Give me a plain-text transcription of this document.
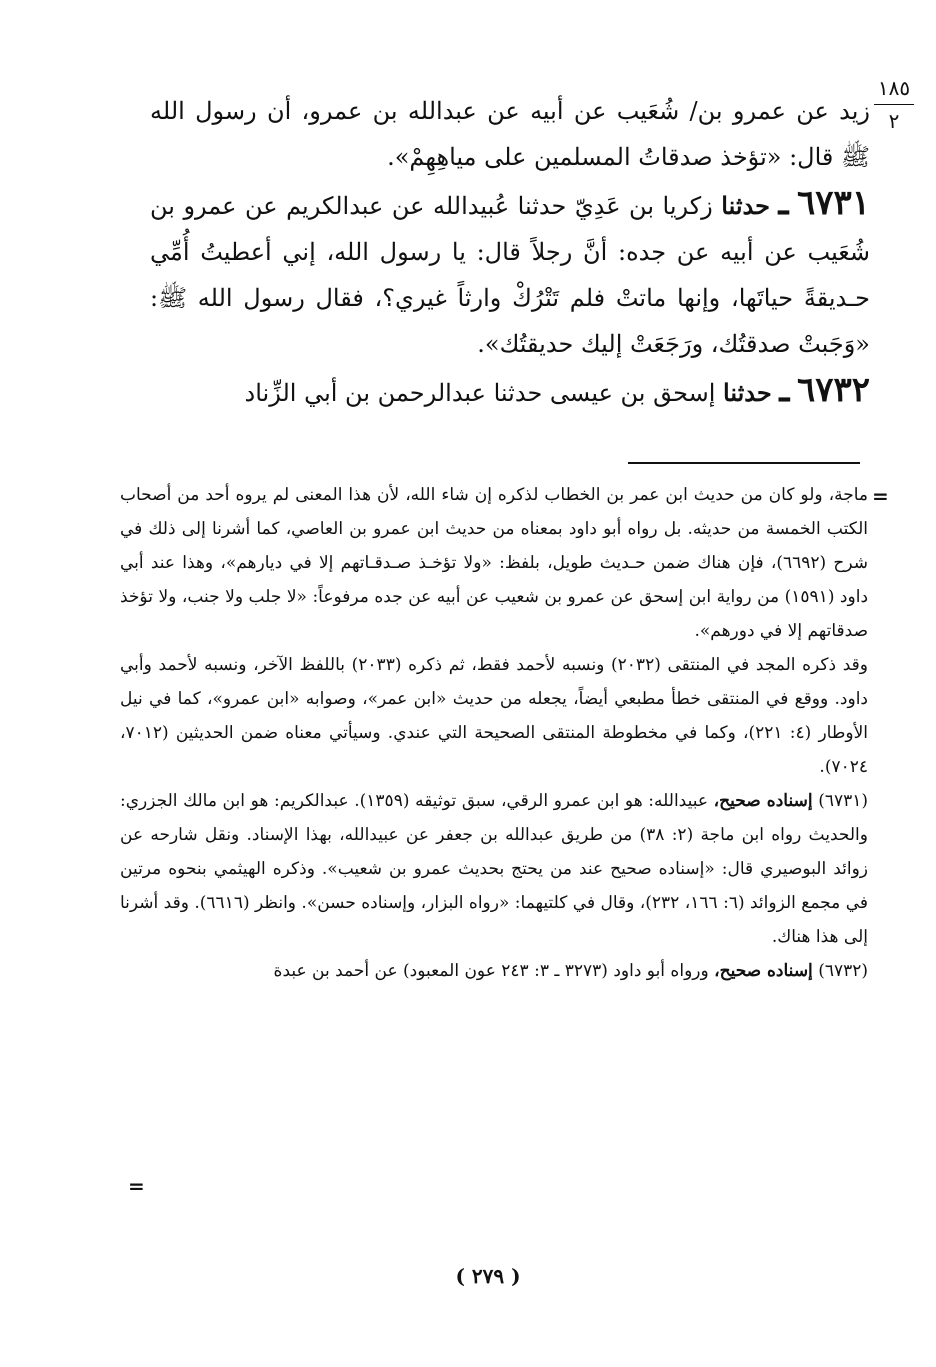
١٨٥
٢

زيد عن عمرو بن/ شُعَيب عن أبيه عن عبدالله بن عمرو، أن رسول الله ﷺ قال: «تؤخذ صدقاتُ المسلمين على مياهِهِمْ».

٦٧٣١ ـ حدثنا زكريا بن عَدِيّ حدثنا عُبيدالله عن عبدالكريم عن عمرو بن شُعَيب عن أبيه عن جده: أنَّ رجلاً قال: يا رسول الله، إني أعطيتُ أُمِّي حـديقةً حياتَها، وإنها ماتتْ فلم تَتْرُكْ وارثاً غيري؟، فقال رسول الله ﷺ: «وَجَبتْ صدقتُك، ورَجَعَتْ إليك حديقتُك».

٦٧٣٢ ـ حدثنا إسحق بن عيسى حدثنا عبدالرحمن بن أبي الزِّناد

=

ماجة، ولو كان من حديث ابن عمر بن الخطاب لذكره إن شاء الله، لأن هذا المعنى لم يروه أحد من أصحاب الكتب الخمسة من حديثه. بل رواه أبو داود بمعناه من حديث ابن عمرو بن العاصي، كما أشرنا إلى ذلك في شرح (٦٦٩٢)، فإن هناك ضمن حـديث طويل، بلفظ: «ولا تؤخـذ صـدقـاتهم إلا في ديارهم»، وهذا عند أبي داود (١٥٩١) من رواية ابن إسحق عن عمرو بن شعيب عن أبيه عن جده مرفوعاً: «لا جلب ولا جنب، ولا تؤخذ صدقاتهم إلا في دورهم».

وقد ذكره المجد في المنتقى (٢٠٣٢) ونسبه لأحمد فقط، ثم ذكره (٢٠٣٣) باللفظ الآخر، ونسبه لأحمد وأبي داود. ووقع في المنتقى خطأ مطبعي أيضاً، يجعله من حديث «ابن عمر»، وصوابه «ابن عمرو»، كما في نيل الأوطار (٤: ٢٢١)، وكما في مخطوطة المنتقى الصحيحة التي عندي. وسيأتي معناه ضمن الحديثين (٧٠١٢، ٧٠٢٤).

(٦٧٣١) إسناده صحيح، عبيدالله: هو ابن عمرو الرقي، سبق توثيقه (١٣٥٩). عبدالكريم: هو ابن مالك الجزري: والحديث رواه ابن ماجة (٢: ٣٨) من طريق عبدالله بن جعفر عن عبيدالله، بهذا الإسناد. ونقل شارحه عن زوائد البوصيري قال: «إسناده صحيح عند من يحتج بحديث عمرو بن شعيب». وذكره الهيثمي بنحوه مرتين في مجمع الزوائد (٦: ١٦٦، ٢٣٢)، وقال في كلتيهما: «رواه البزار، وإسناده حسن». وانظر (٦٦١٦). وقد أشرنا إلى هذا هناك.

(٦٧٣٢) إسناده صحيح، ورواه أبو داود (٣٢٧٣ ـ ٣: ٢٤٣ عون المعبود) عن أحمد بن عبدة

=
( ٢٧٩ )
